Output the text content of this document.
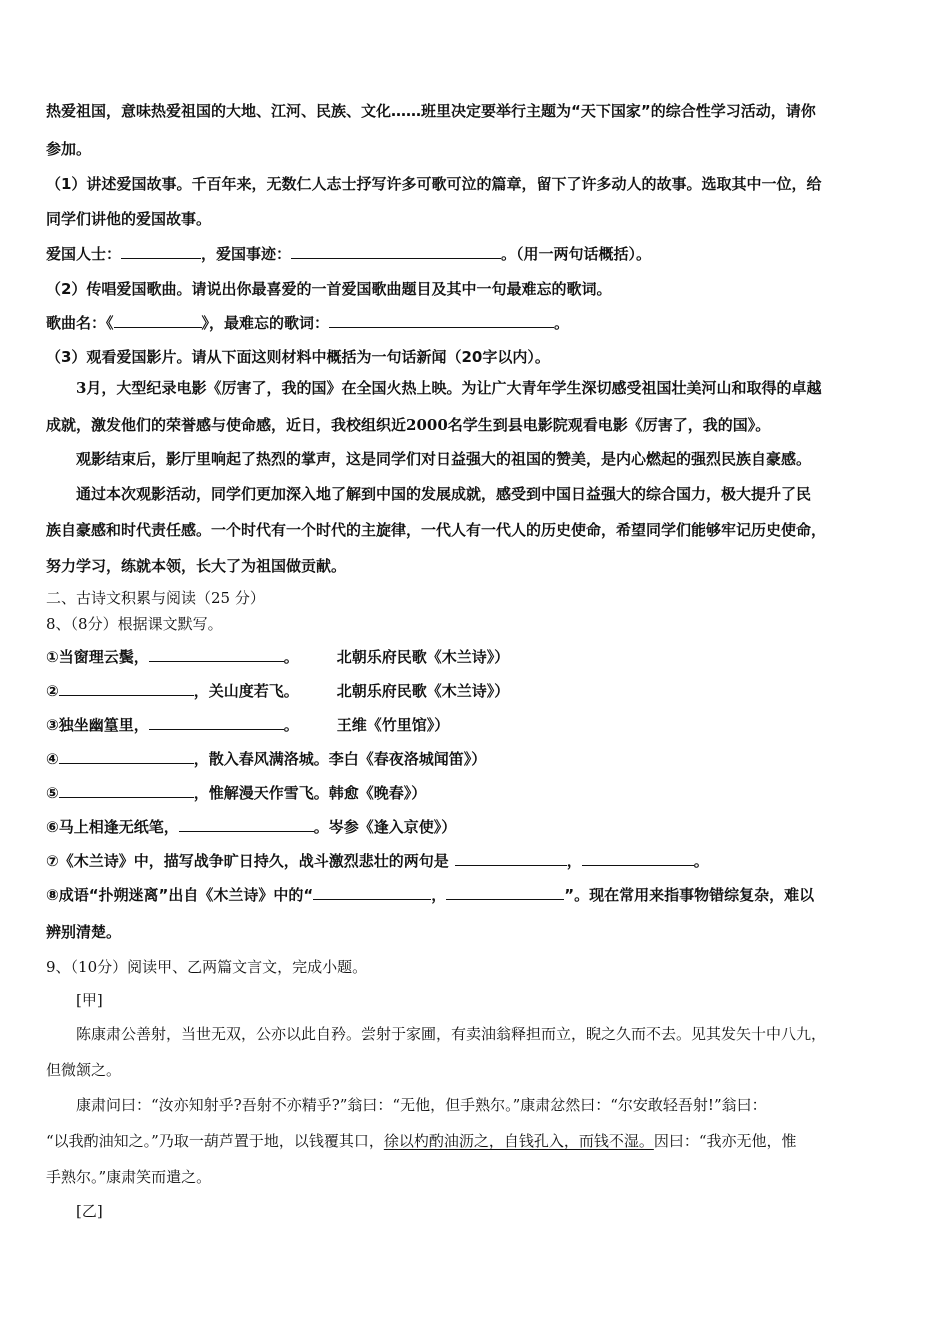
热爱祖国，意味热爱祖国的大地、江河、民族、文化……班里决定要举行主题为“天下国家”的综合性学习活动，请你
参加。
（1）讲述爱国故事。千百年来，无数仁人志士抒写许多可歌可泣的篇章，留下了许多动人的故事。选取其中一位，给
同学们讲他的爱国故事。
爱国人士：	，爱国事迹：	。（用一两句话概括）。
（2）传唱爱国歌曲。请说出你最喜爱的一首爱国歌曲题目及其中一句最难忘的歌词。
歌曲名：《	》，最难忘的歌词：	。
（3）观看爱国影片。请从下面这则材料中概括为一句话新闻（20字以内）。
3月，大型纪录电影《厉害了，我的国》在全国火热上映。为让广大青年学生深切感受祖国壮美河山和取得的卓越
成就，激发他们的荣誉感与使命感，近日，我校组织近2000名学生到县电影院观看电影《厉害了，我的国》。
观影结束后，影厅里响起了热烈的掌声，这是同学们对日益强大的祖国的赞美，是内心燃起的强烈民族自豪感。
通过本次观影活动，同学们更加深入地了解到中国的发展成就，感受到中国日益强大的综合国力，极大提升了民
族自豪感和时代责任感。一个时代有一个时代的主旋律，一代人有一代人的历史使命，希望同学们能够牢记历史使命，
努力学习，练就本领，长大了为祖国做贡献。
二、古诗文积累与阅读（25 分）
8、（8分）根据课文默写。
①当窗理云鬓，	。	北朝乐府民歌《木兰诗》）
②	，关山度若飞。	北朝乐府民歌《木兰诗》）
③独坐幽篁里，	。	王维《竹里馆》）
④	，散入春风满洛城。李白《春夜洛城闻笛》）
⑤	，惟解漫天作雪飞。韩愈《晚春》）
⑥马上相逢无纸笔，	。岑参《逢入京使》）
⑦《木兰诗》中，描写战争旷日持久，战斗激烈悲壮的两句是	，	。
⑧成语“扑朔迷离”出自《木兰诗》中的“	，	”。现在常用来指事物错综复杂，难以
辨别清楚。
9、（10分）阅读甲、乙两篇文言文，完成小题。
[甲]
陈康肃公善射，当世无双，公亦以此自矜。尝射于家圃，有卖油翁释担而立，睨之久而不去。见其发矢十中八九，
但微颔之。
康肃问曰：“汝亦知射乎?吾射不亦精乎?”翁曰：“无他，但手熟尔。”康肃忿然曰：“尔安敢轻吾射!”翁曰：
“以我酌油知之。”乃取一葫芦置于地，以钱覆其口，徐以杓酌油沥之，自钱孔入，而钱不湿。因曰：“我亦无他，惟
手熟尔。”康肃笑而遣之。
[乙]
